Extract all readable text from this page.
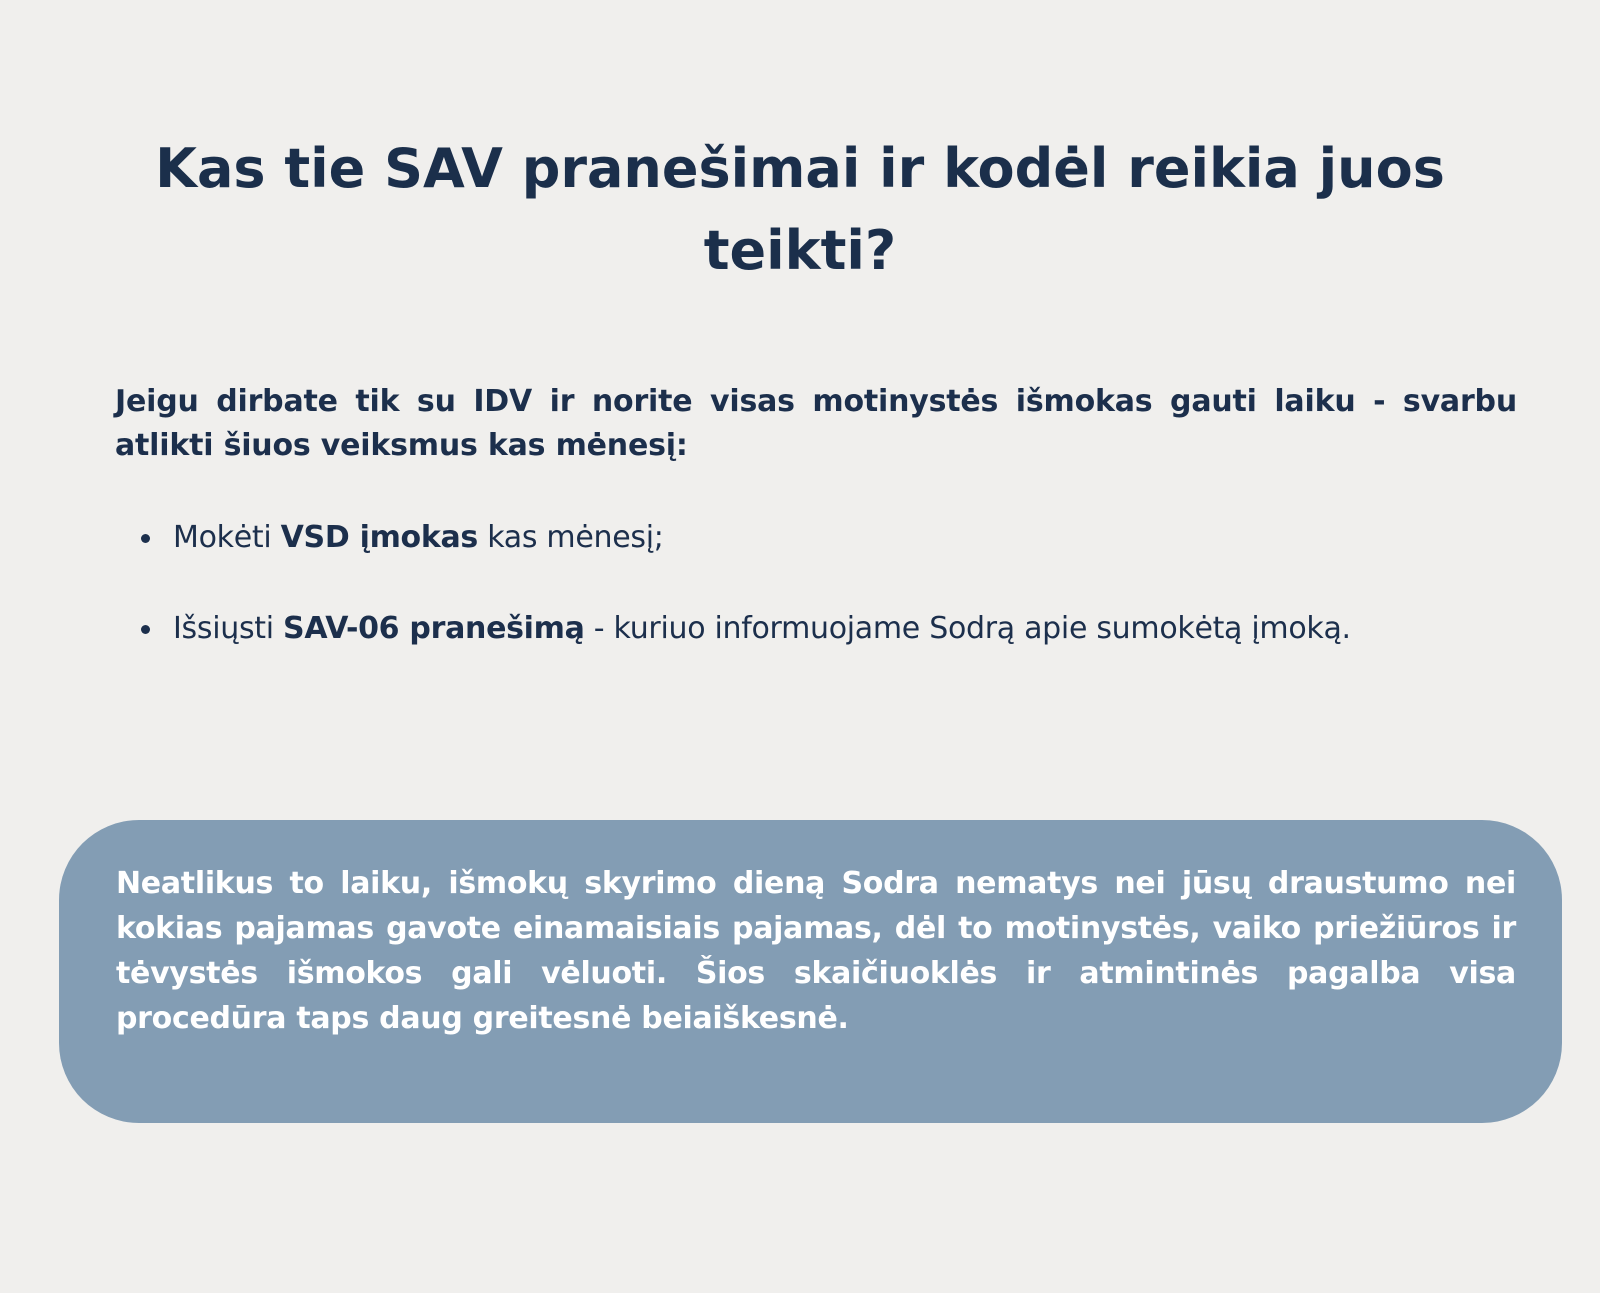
Kas tie SAV pranešimai ir kodėl reikia juos teikti?

Jeigu dirbate tik su IDV ir norite visas motinystės išmokas gauti laiku - svarbu atlikti šiuos veiksmus kas mėnesį:

Mokėti VSD įmokas kas mėnesį;
Išsiųsti SAV-06 pranešimą - kuriuo informuojame Sodrą apie sumokėtą įmoką.

Neatlikus to laiku, išmokų skyrimo dieną Sodra nematys nei jūsų draustumo nei kokias pajamas gavote einamaisiais pajamas, dėl to motinystės, vaiko priežiūros ir tėvystės išmokos gali vėluoti. Šios skaičiuoklės ir atmintinės pagalba visa procedūra taps daug greitesnė beiaiškesnė.
